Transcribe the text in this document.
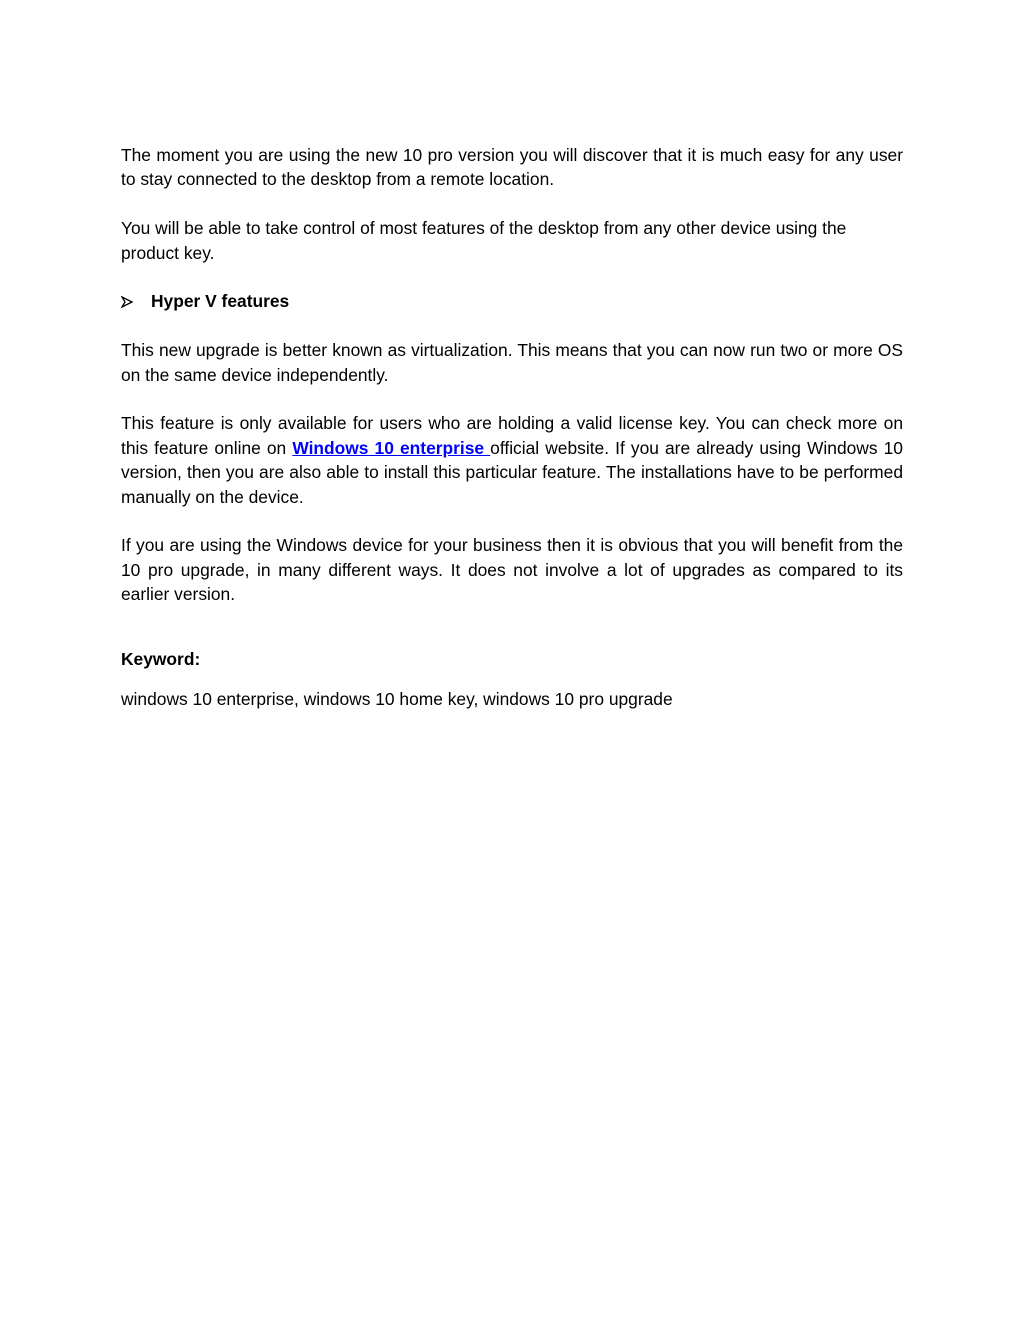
The moment you are using the new 10 pro version you will discover that it is much easy for any user to stay connected to the desktop from a remote location.

You will be able to take control of most features of the desktop from any other device using the product key.

Hyper V features

This new upgrade is better known as virtualization. This means that you can now run two or more OS on the same device independently.

This feature is only available for users who are holding a valid license key. You can check more on this feature online on Windows 10 enterprise official website. If you are already using Windows 10 version, then you are also able to install this particular feature. The installations have to be performed manually on the device.

If you are using the Windows device for your business then it is obvious that you will benefit from the 10 pro upgrade, in many different ways. It does not involve a lot of upgrades as compared to its earlier version.

Keyword:

windows 10 enterprise, windows 10 home key, windows 10 pro upgrade
